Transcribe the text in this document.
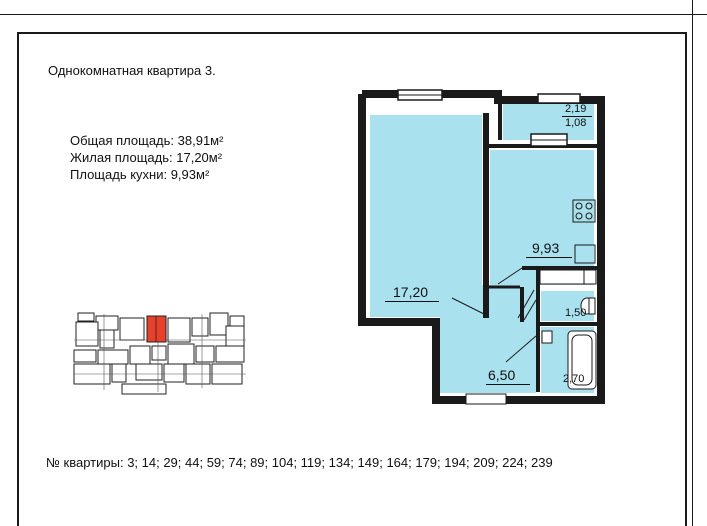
Однокомнатная квартира 3.
Общая площадь: 38,91м²
Жилая площадь: 17,20м²
Площадь кухни: 9,93м²
17,20
9,93
6,50
2,19
1,08
1,50
2,70
№ квартиры: 3; 14; 29; 44; 59; 74; 89; 104; 119; 134; 149; 164; 179; 194; 209; 224; 239
